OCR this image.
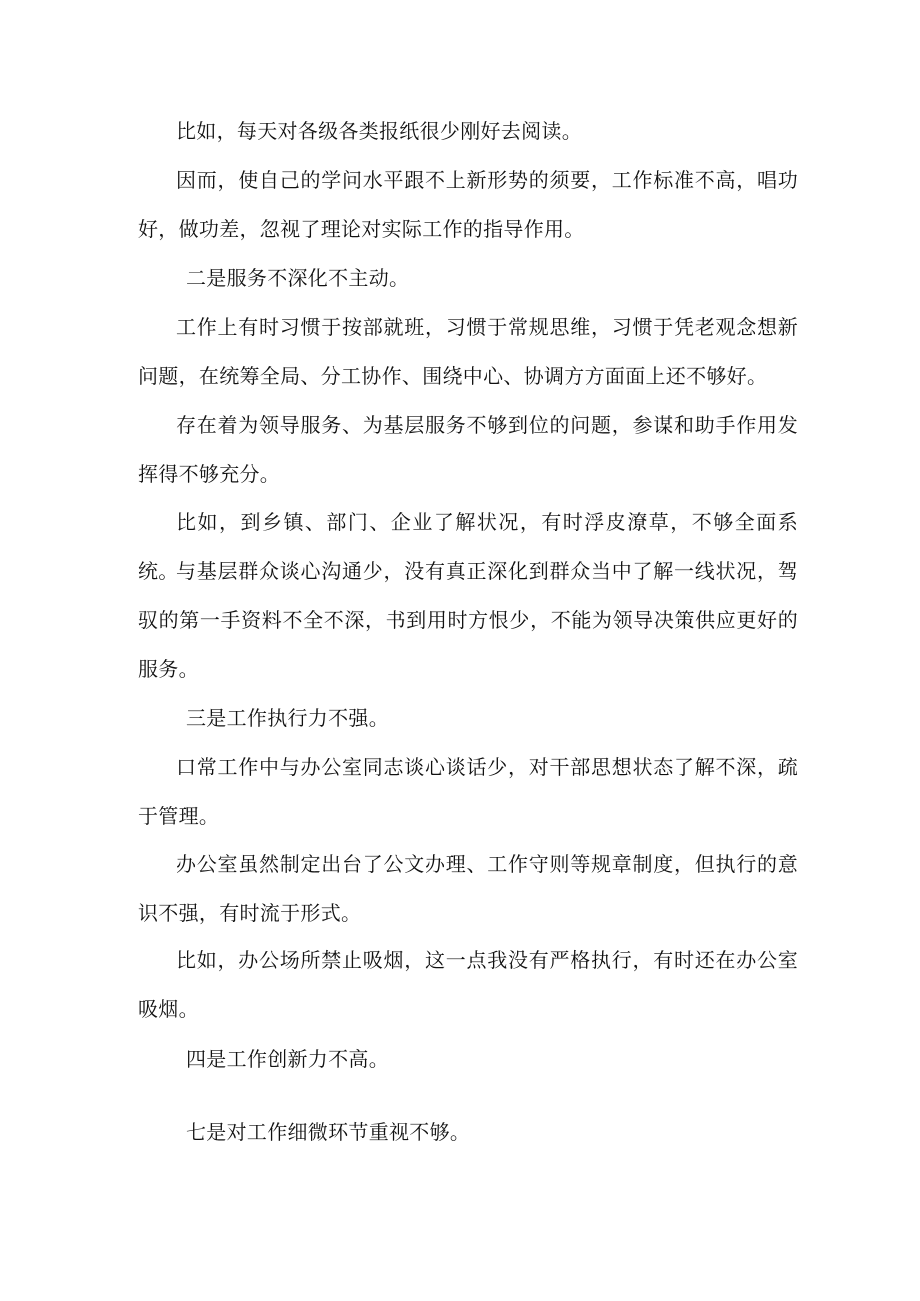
比如，每天对各级各类报纸很少刚好去阅读。

因而，使自己的学问水平跟不上新形势的须要，工作标准不高，唱功好，做功差，忽视了理论对实际工作的指导作用。

二是服务不深化不主动。

工作上有时习惯于按部就班，习惯于常规思维，习惯于凭老观念想新问题，在统筹全局、分工协作、围绕中心、协调方方面面上还不够好。

存在着为领导服务、为基层服务不够到位的问题，参谋和助手作用发挥得不够充分。

比如，到乡镇、部门、企业了解状况，有时浮皮潦草，不够全面系统。

与基层群众谈心沟通少，没有真正深化到群众当中了解一线状况，驾驭的第一手资料不全不深，书到用时方恨少，不能为领导决策供应更好的服务。

三是工作执行力不强。

口常工作中与办公室同志谈心谈话少，对干部思想状态了解不深，疏于管理。

办公室虽然制定出台了公文办理、工作守则等规章制度，但执行的意识不强，有时流于形式。

比如，办公场所禁止吸烟，这一点我没有严格执行，有时还在办公室吸烟。

四是工作创新力不高。

七是对工作细微环节重视不够。
